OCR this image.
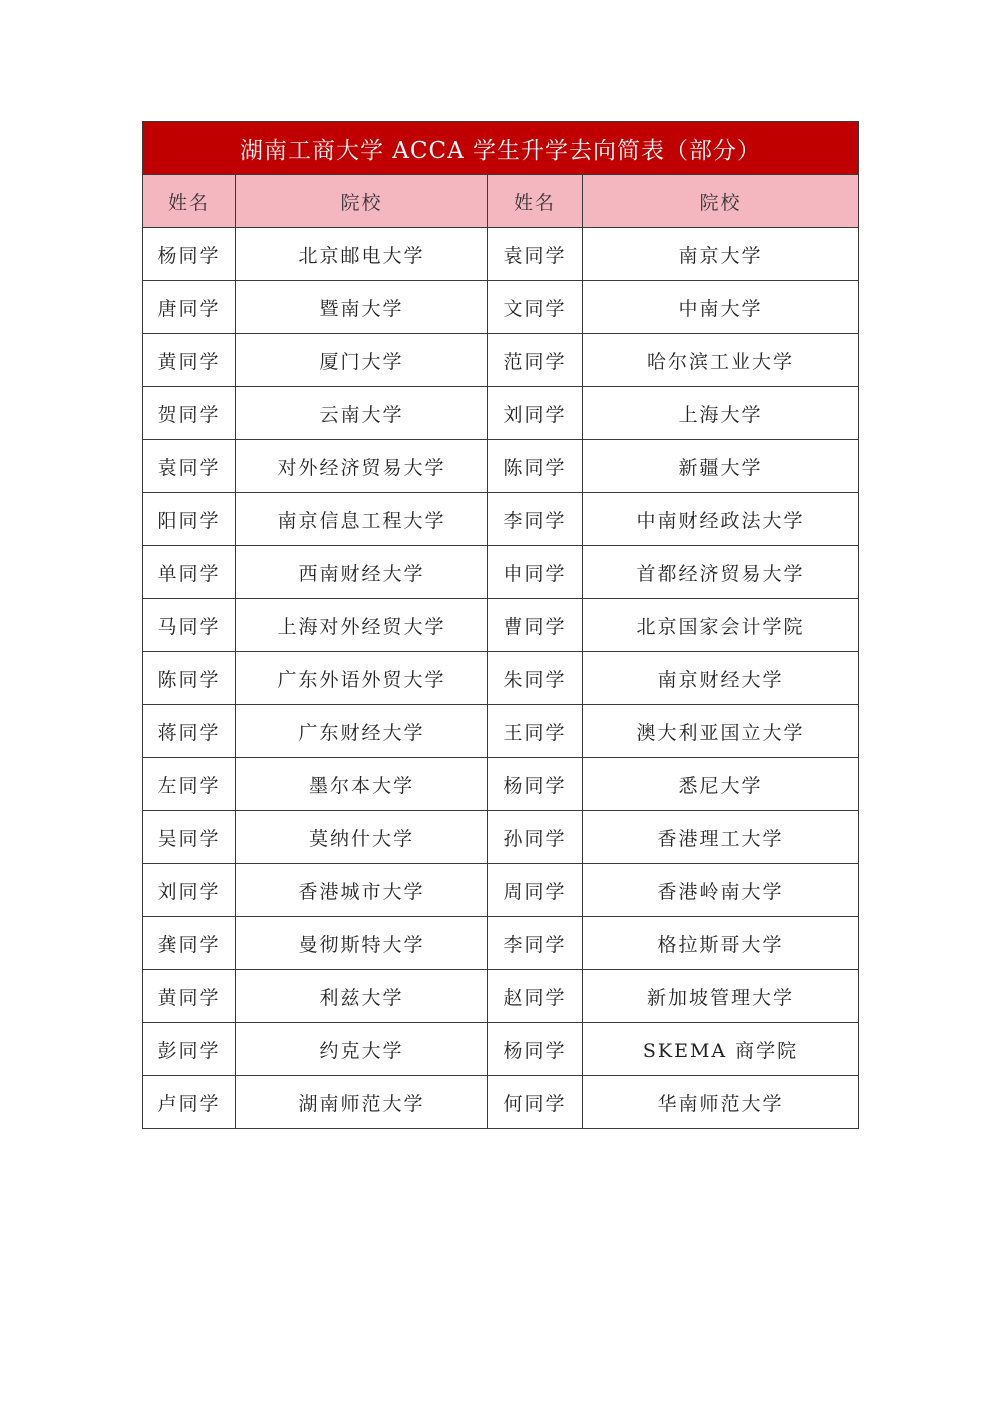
湖南工商大学 ACCA 学生升学去向简表（部分）			
姓名	院校	姓名	院校
杨同学	北京邮电大学	袁同学	南京大学
唐同学	暨南大学	文同学	中南大学
黄同学	厦门大学	范同学	哈尔滨工业大学
贺同学	云南大学	刘同学	上海大学
袁同学	对外经济贸易大学	陈同学	新疆大学
阳同学	南京信息工程大学	李同学	中南财经政法大学
单同学	西南财经大学	申同学	首都经济贸易大学
马同学	上海对外经贸大学	曹同学	北京国家会计学院
陈同学	广东外语外贸大学	朱同学	南京财经大学
蒋同学	广东财经大学	王同学	澳大利亚国立大学
左同学	墨尔本大学	杨同学	悉尼大学
吴同学	莫纳什大学	孙同学	香港理工大学
刘同学	香港城市大学	周同学	香港岭南大学
龚同学	曼彻斯特大学	李同学	格拉斯哥大学
黄同学	利兹大学	赵同学	新加坡管理大学
彭同学	约克大学	杨同学	SKEMA 商学院
卢同学	湖南师范大学	何同学	华南师范大学
